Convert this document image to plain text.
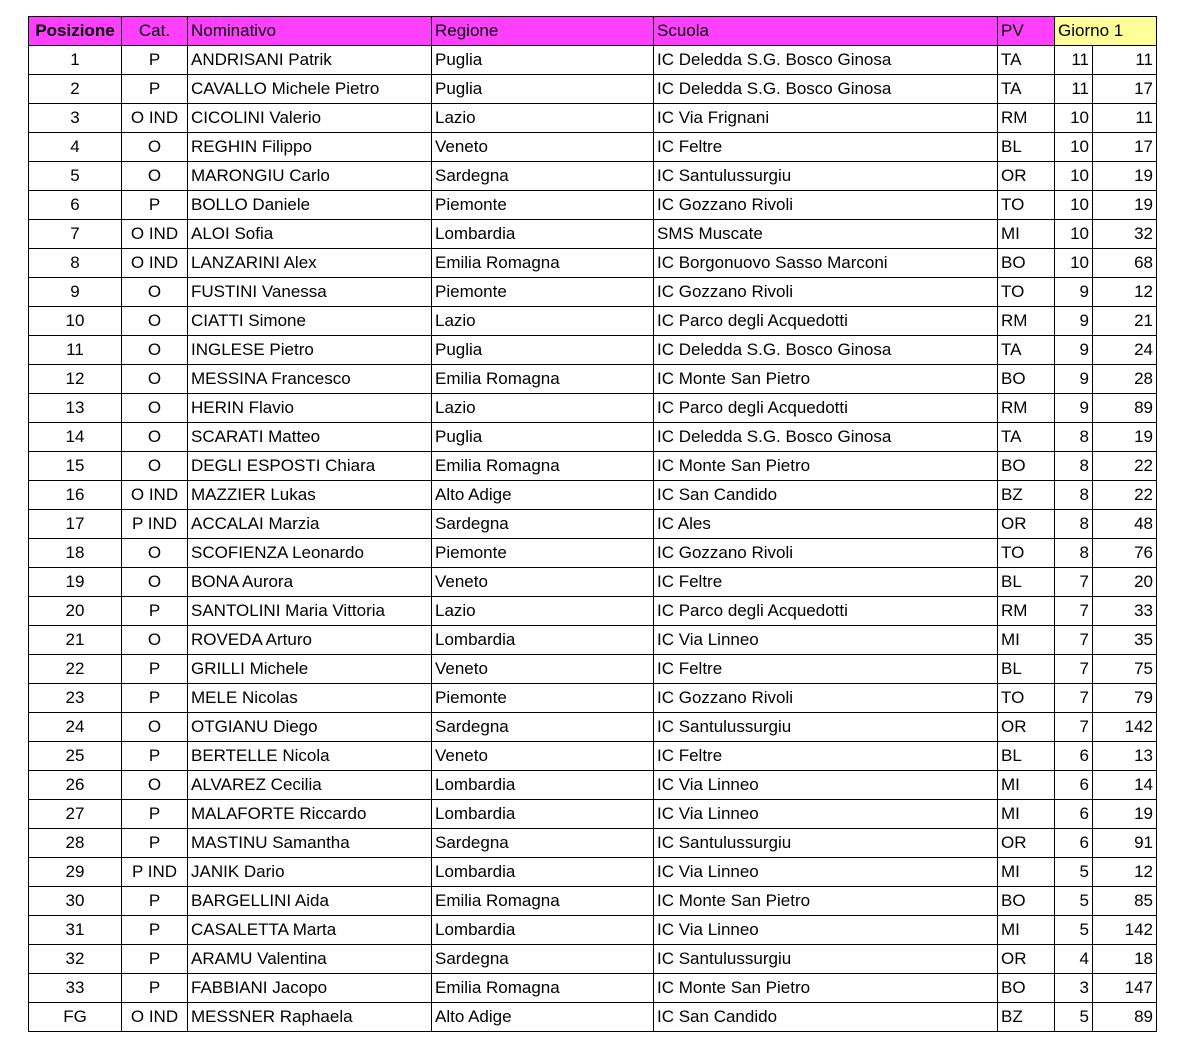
Posizione	Cat.	Nominativo	Regione	Scuola	PV	Giorno 1	
1	P	ANDRISANI Patrik	Puglia	IC Deledda S.G. Bosco Ginosa	TA	11	11
2	P	CAVALLO Michele Pietro	Puglia	IC Deledda S.G. Bosco Ginosa	TA	11	17
3	O IND	CICOLINI Valerio	Lazio	IC Via Frignani	RM	10	11
4	O	REGHIN Filippo	Veneto	IC Feltre	BL	10	17
5	O	MARONGIU Carlo	Sardegna	IC Santulussurgiu	OR	10	19
6	P	BOLLO Daniele	Piemonte	IC Gozzano Rivoli	TO	10	19
7	O IND	ALOI Sofia	Lombardia	SMS Muscate	MI	10	32
8	O IND	LANZARINI Alex	Emilia Romagna	IC Borgonuovo Sasso Marconi	BO	10	68
9	O	FUSTINI Vanessa	Piemonte	IC Gozzano Rivoli	TO	9	12
10	O	CIATTI Simone	Lazio	IC Parco degli Acquedotti	RM	9	21
11	O	INGLESE Pietro	Puglia	IC Deledda S.G. Bosco Ginosa	TA	9	24
12	O	MESSINA Francesco	Emilia Romagna	IC Monte San Pietro	BO	9	28
13	O	HERIN Flavio	Lazio	IC Parco degli Acquedotti	RM	9	89
14	O	SCARATI Matteo	Puglia	IC Deledda S.G. Bosco Ginosa	TA	8	19
15	O	DEGLI ESPOSTI Chiara	Emilia Romagna	IC Monte San Pietro	BO	8	22
16	O IND	MAZZIER Lukas	Alto Adige	IC San Candido	BZ	8	22
17	P IND	ACCALAI Marzia	Sardegna	IC Ales	OR	8	48
18	O	SCOFIENZA Leonardo	Piemonte	IC Gozzano Rivoli	TO	8	76
19	O	BONA Aurora	Veneto	IC Feltre	BL	7	20
20	P	SANTOLINI Maria Vittoria	Lazio	IC Parco degli Acquedotti	RM	7	33
21	O	ROVEDA Arturo	Lombardia	IC Via Linneo	MI	7	35
22	P	GRILLI Michele	Veneto	IC Feltre	BL	7	75
23	P	MELE Nicolas	Piemonte	IC Gozzano Rivoli	TO	7	79
24	O	OTGIANU Diego	Sardegna	IC Santulussurgiu	OR	7	142
25	P	BERTELLE Nicola	Veneto	IC Feltre	BL	6	13
26	O	ALVAREZ Cecilia	Lombardia	IC Via Linneo	MI	6	14
27	P	MALAFORTE Riccardo	Lombardia	IC Via Linneo	MI	6	19
28	P	MASTINU Samantha	Sardegna	IC Santulussurgiu	OR	6	91
29	P IND	JANIK Dario	Lombardia	IC Via Linneo	MI	5	12
30	P	BARGELLINI Aida	Emilia Romagna	IC Monte San Pietro	BO	5	85
31	P	CASALETTA Marta	Lombardia	IC Via Linneo	MI	5	142
32	P	ARAMU Valentina	Sardegna	IC Santulussurgiu	OR	4	18
33	P	FABBIANI Jacopo	Emilia Romagna	IC Monte San Pietro	BO	3	147
FG	O IND	MESSNER Raphaela	Alto Adige	IC San Candido	BZ	5	89
